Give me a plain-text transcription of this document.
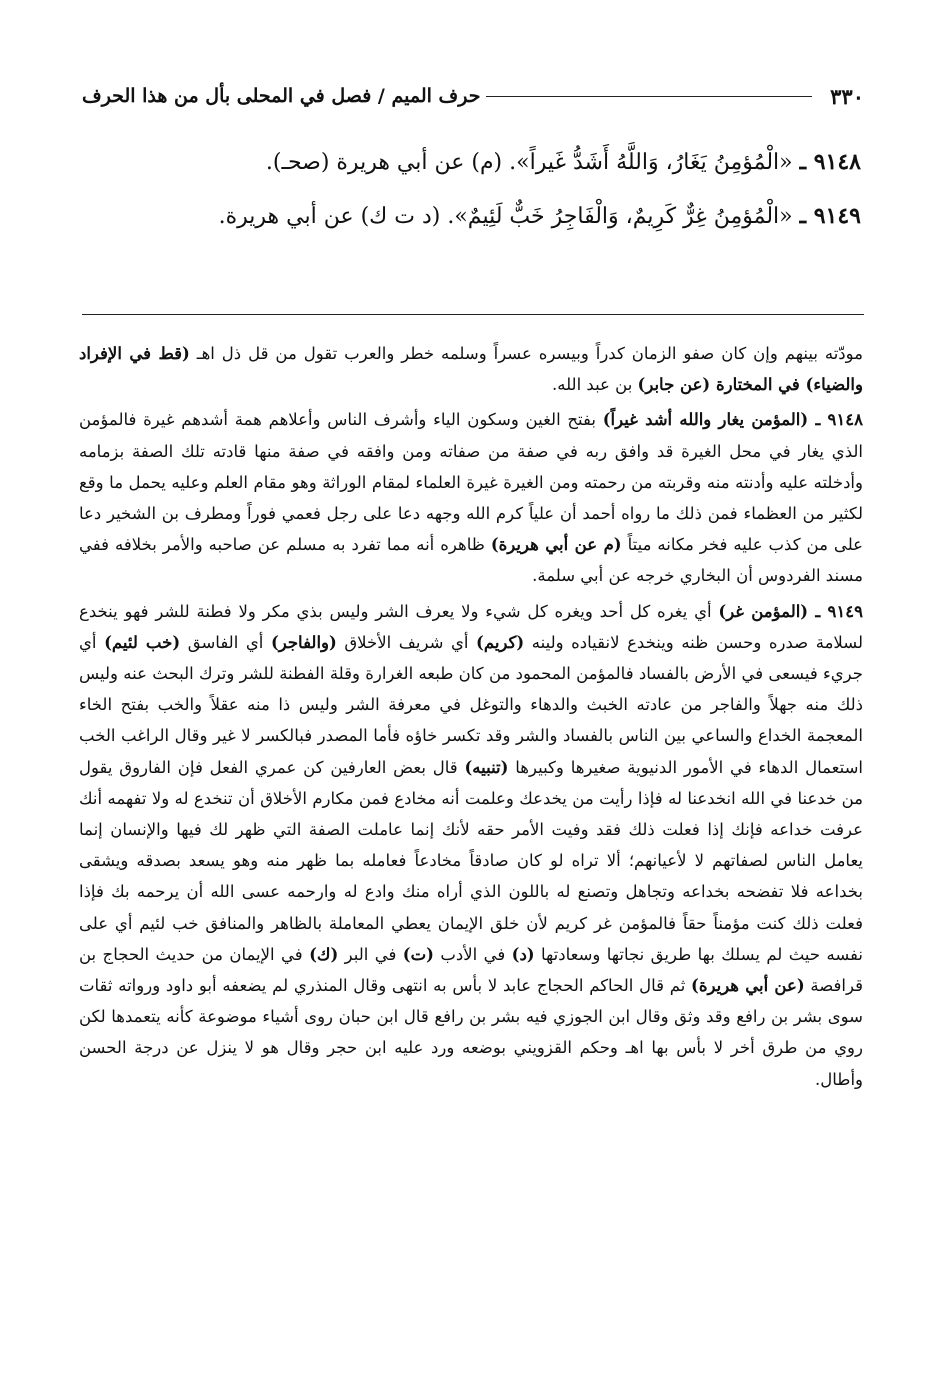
٣٣٠
حرف الميم / فصل في المحلى بأل من هذا الحرف
٩١٤٨ ـ «الْمُؤمِنُ يَغَارُ، وَاللَّهُ أَشَدُّ غَيراً». (م) عن أبي هريرة (صحـ).
٩١٤٩ ـ «الْمُؤمِنُ غِرٌّ كَرِيمٌ، وَالْفَاجِرُ خَبٌّ لَئِيمٌ». (د ت ك) عن أبي هريرة.

مودّته بينهم وإن كان صفو الزمان كدراً وبيسره عسراً وسلمه خطر والعرب تقول من قل ذل اهـ (قط في الإفراد والضياء) في المختارة (عن جابر) بن عبد الله.

٩١٤٨ ـ (المؤمن يغار والله أشد غيراً) بفتح الغين وسكون الياء وأشرف الناس وأعلاهم همة أشدهم غيرة فالمؤمن الذي يغار في محل الغيرة قد وافق ربه في صفة من صفاته ومن وافقه في صفة منها قادته تلك الصفة بزمامه وأدخلته عليه وأدنته منه وقربته من رحمته ومن الغيرة غيرة العلماء لمقام الوراثة وهو مقام العلم وعليه يحمل ما وقع لكثير من العظماء فمن ذلك ما رواه أحمد أن علياً كرم الله وجهه دعا على رجل فعمي فوراً ومطرف بن الشخير دعا على من كذب عليه فخر مكانه ميتاً (م عن أبي هريرة) ظاهره أنه مما تفرد به مسلم عن صاحبه والأمر بخلافه ففي مسند الفردوس أن البخاري خرجه عن أبي سلمة.

٩١٤٩ ـ (المؤمن غر) أي يغره كل أحد ويغره كل شيء ولا يعرف الشر وليس بذي مكر ولا فطنة للشر فهو ينخدع لسلامة صدره وحسن ظنه وينخدع لانقياده ولينه (كريم) أي شريف الأخلاق (والفاجر) أي الفاسق (خب لئيم) أي جريء فيسعى في الأرض بالفساد فالمؤمن المحمود من كان طبعه الغرارة وقلة الفطنة للشر وترك البحث عنه وليس ذلك منه جهلاً والفاجر من عادته الخبث والدهاء والتوغل في معرفة الشر وليس ذا منه عقلاً والخب بفتح الخاء المعجمة الخداع والساعي بين الناس بالفساد والشر وقد تكسر خاؤه فأما المصدر فبالكسر لا غير وقال الراغب الخب استعمال الدهاء في الأمور الدنيوية صغيرها وكبيرها (تنبيه) قال بعض العارفين كن عمري الفعل فإن الفاروق يقول من خدعنا في الله انخدعنا له فإذا رأيت من يخدعك وعلمت أنه مخادع فمن مكارم الأخلاق أن تنخدع له ولا تفهمه أنك عرفت خداعه فإنك إذا فعلت ذلك فقد وفيت الأمر حقه لأنك إنما عاملت الصفة التي ظهر لك فيها والإنسان إنما يعامل الناس لصفاتهم لا لأعيانهم؛ ألا تراه لو كان صادقاً مخادعاً فعامله بما ظهر منه وهو يسعد بصدقه ويشقى بخداعه فلا تفضحه بخداعه وتجاهل وتصنع له باللون الذي أراه منك وادع له وارحمه عسى الله أن يرحمه بك فإذا فعلت ذلك كنت مؤمناً حقاً فالمؤمن غر كريم لأن خلق الإيمان يعطي المعاملة بالظاهر والمنافق خب لئيم أي على نفسه حيث لم يسلك بها طريق نجاتها وسعادتها (د) في الأدب (ت) في البر (ك) في الإيمان من حديث الحجاج بن قرافصة (عن أبي هريرة) ثم قال الحاكم الحجاج عابد لا بأس به انتهى وقال المنذري لم يضعفه أبو داود ورواته ثقات سوى بشر بن رافع وقد وثق وقال ابن الجوزي فيه بشر بن رافع قال ابن حبان روى أشياء موضوعة كأنه يتعمدها لكن روي من طرق أخر لا بأس بها اهـ وحكم القزويني بوضعه ورد عليه ابن حجر وقال هو لا ينزل عن درجة الحسن وأطال.
